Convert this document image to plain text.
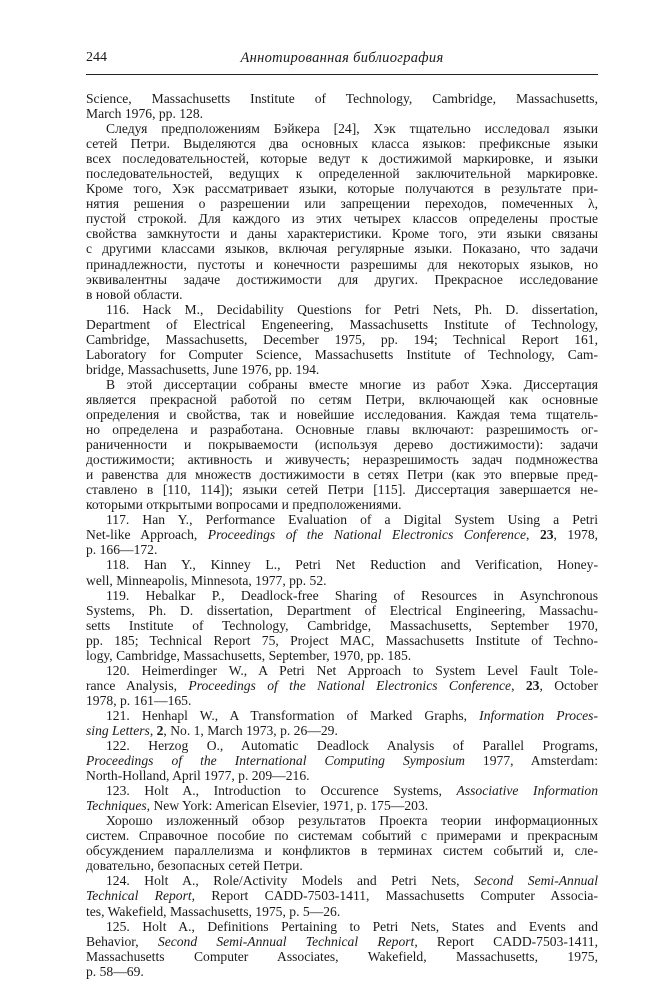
244	Аннотированная библиография
Science, Massachusetts Institute of Technology, Cambridge, Massachusetts,
March 1976, pp. 128.
Следуя предположениям Бэйкера [24], Хэк тщательно исследовал языки
сетей Петри. Выделяются два основных класса языков: префиксные языки
всех последовательностей, которые ведут к достижимой маркировке, и языки
последовательностей, ведущих к определенной заключительной маркировке.
Кроме того, Хэк рассматривает языки, которые получаются в результате при-
нятия решения о разрешении или запрещении переходов, помеченных λ,
пустой строкой. Для каждого из этих четырех классов определены простые
свойства замкнутости и даны характеристики. Кроме того, эти языки связаны
с другими классами языков, включая регулярные языки. Показано, что задачи
принадлежности, пустоты и конечности разрешимы для некоторых языков, но
эквивалентны задаче достижимости для других. Прекрасное исследование
в новой области.
116. Hack M., Decidability Questions for Petri Nets, Ph. D. dissertation,
Department of Electrical Engeneering, Massachusetts Institute of Technology,
Cambridge, Massachusetts, December 1975, pp. 194; Technical Report 161,
Laboratory for Computer Science, Massachusetts Institute of Technology, Cam-
bridge, Massachusetts, June 1976, pp. 194.
В этой диссертации собраны вместе многие из работ Хэка. Диссертация
является прекрасной работой по сетям Петри, включающей как основные
определения и свойства, так и новейшие исследования. Каждая тема тщатель-
но определена и разработана. Основные главы включают: разрешимость ог-
раниченности и покрываемости (используя дерево достижимости): задачи
достижимости; активность и живучесть; неразрешимость задач подмножества
и равенства для множеств достижимости в сетях Петри (как это впервые пред-
ставлено в [110, 114]); языки сетей Петри [115]. Диссертация завершается не-
которыми открытыми вопросами и предположениями.
117. Han Y., Performance Evaluation of a Digital System Using a Petri
Net-like Approach, Proceedings of the National Electronics Conference, 23, 1978,
p. 166—172.
118. Han Y., Kinney L., Petri Net Reduction and Verification, Honey-
well, Minneapolis, Minnesota, 1977, pp. 52.
119. Hebalkar P., Deadlock-free Sharing of Resources in Asynchronous
Systems, Ph. D. dissertation, Department of Electrical Engineering, Massachu-
setts Institute of Technology, Cambridge, Massachusetts, September 1970,
pp. 185; Technical Report 75, Project MAC, Massachusetts Institute of Techno-
logy, Cambridge, Massachusetts, September, 1970, pp. 185.
120. Heimerdinger W., A Petri Net Approach to System Level Fault Tole-
rance Analysis, Proceedings of the National Electronics Conference, 23, October
1978, p. 161—165.
121. Henhapl W., A Transformation of Marked Graphs, Information Proces-
sing Letters, 2, No. 1, March 1973, p. 26—29.
122. Herzog O., Automatic Deadlock Analysis of Parallel Programs,
Proceedings of the International Computing Symposium 1977, Amsterdam:
North-Holland, April 1977, p. 209—216.
123. Holt A., Introduction to Occurence Systems, Associative Information
Techniques, New York: American Elsevier, 1971, p. 175—203.
Хорошо изложенный обзор результатов Проекта теории информационных
систем. Справочное пособие по системам событий с примерами и прекрасным
обсуждением параллелизма и конфликтов в терминах систем событий и, сле-
довательно, безопасных сетей Петри.
124. Holt A., Role/Activity Models and Petri Nets, Second Semi-Annual
Technical Report, Report CADD-7503-1411, Massachusetts Computer Associa-
tes, Wakefield, Massachusetts, 1975, p. 5—26.
125. Holt A., Definitions Pertaining to Petri Nets, States and Events and
Behavior, Second Semi-Annual Technical Report, Report CADD-7503-1411,
Massachusetts Computer Associates, Wakefield, Massachusetts, 1975,
p. 58—69.
